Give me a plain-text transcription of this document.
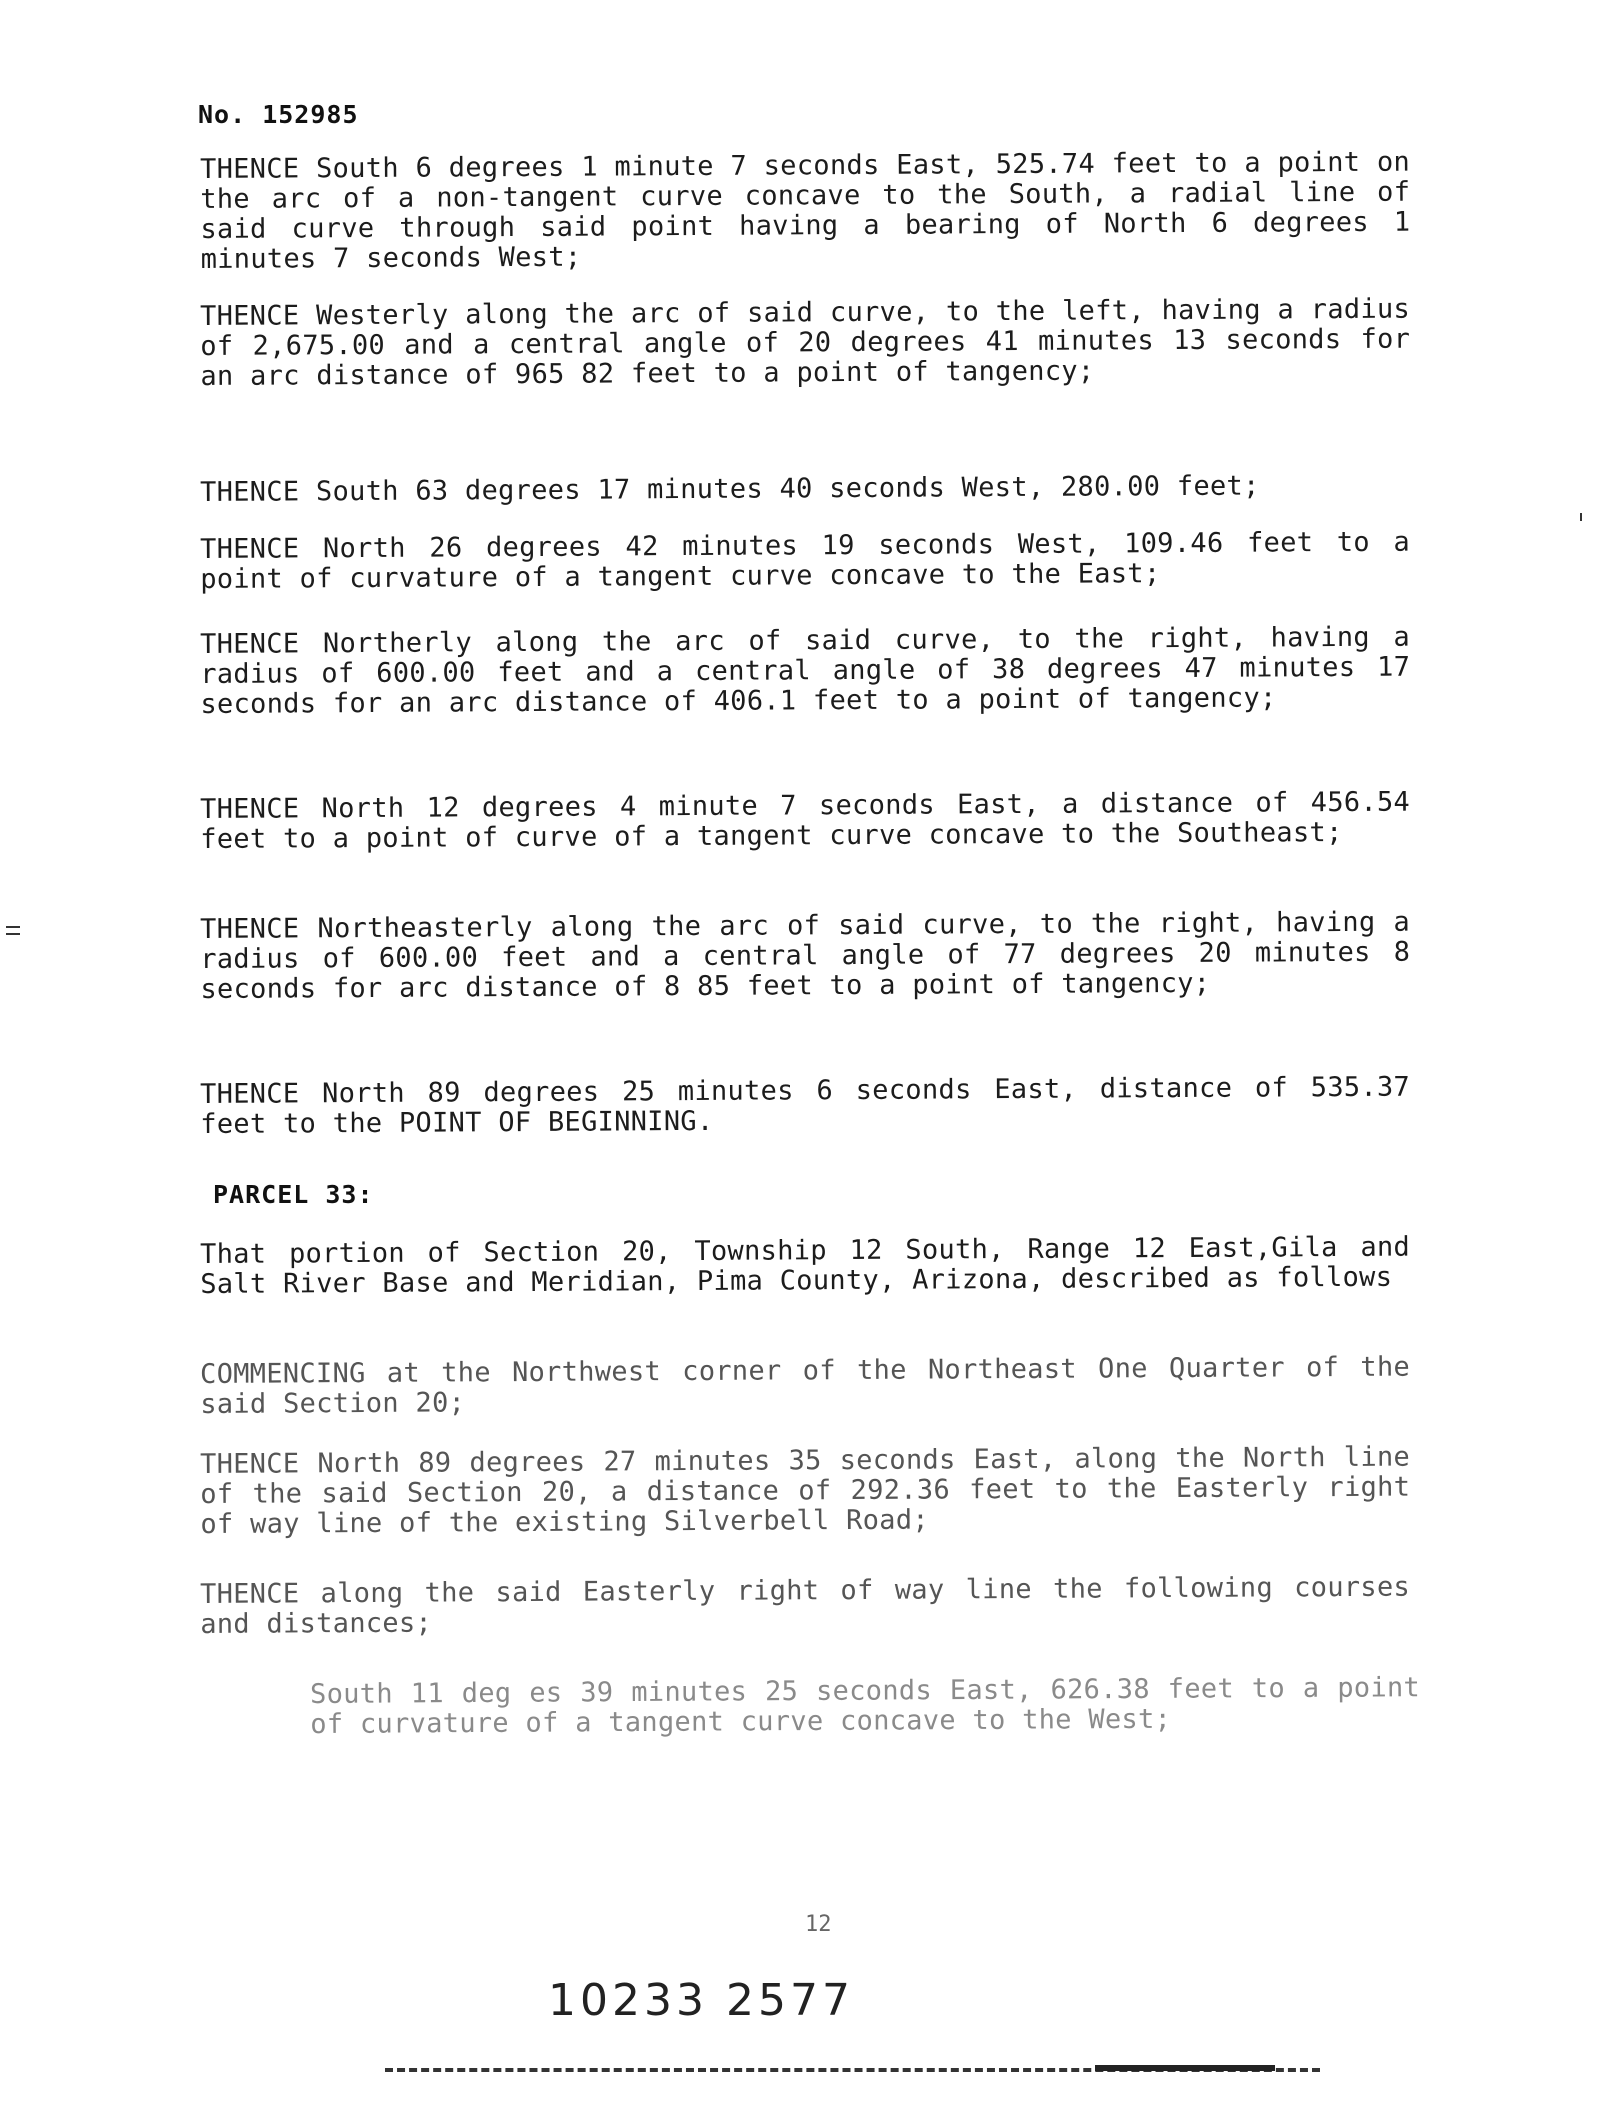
No. 152985
THENCE South 6 degrees 1 minute 7 seconds East, 525.74 feet to a point on the arc of a non-tangent curve concave to the South, a radial line of said curve through said point having a bearing of North 6 degrees 1 minutes 7 seconds West;
THENCE Westerly along the arc of said curve, to the left, having a radius of 2,675.00 and a central angle of 20 degrees 41 minutes 13 seconds for an arc distance of 965 82 feet to a point of tangency;
THENCE South 63 degrees 17 minutes 40 seconds West, 280.00 feet;
THENCE North 26 degrees 42 minutes 19 seconds West, 109.46 feet to a point of curvature of a tangent curve concave to the East;
THENCE Northerly along the arc of said curve, to the right, having a radius of 600.00 feet and a central angle of 38 degrees 47 minutes 17 seconds for an arc distance of 406.1 feet to a point of tangency;
THENCE North 12 degrees 4 minute 7 seconds East, a distance of 456.54 feet to a point of curve of a tangent curve concave to the Southeast;
THENCE Northeasterly along the arc of said curve, to the right, having a radius of 600.00 feet and a central angle of 77 degrees 20 minutes 8 seconds for arc distance of 8 85 feet to a point of tangency;
THENCE North 89 degrees 25 minutes 6 seconds East, distance of 535.37 feet to the POINT OF BEGINNING.
PARCEL 33:
That portion of Section 20, Township 12 South, Range 12 East,Gila and Salt River Base and Meridian, Pima County, Arizona, described as follows
COMMENCING at the Northwest corner of the Northeast One Quarter of the said Section 20;
THENCE North 89 degrees 27 minutes 35 seconds East, along the North line of the said Section 20, a distance of 292.36 feet to the Easterly right of way line of the existing Silverbell Road;
THENCE along the said Easterly right of way line the following courses and distances;
South 11 deg es 39 minutes 25 seconds East, 626.38 feet to a point of curvature of a tangent curve concave to the West;
12
10233 2577
